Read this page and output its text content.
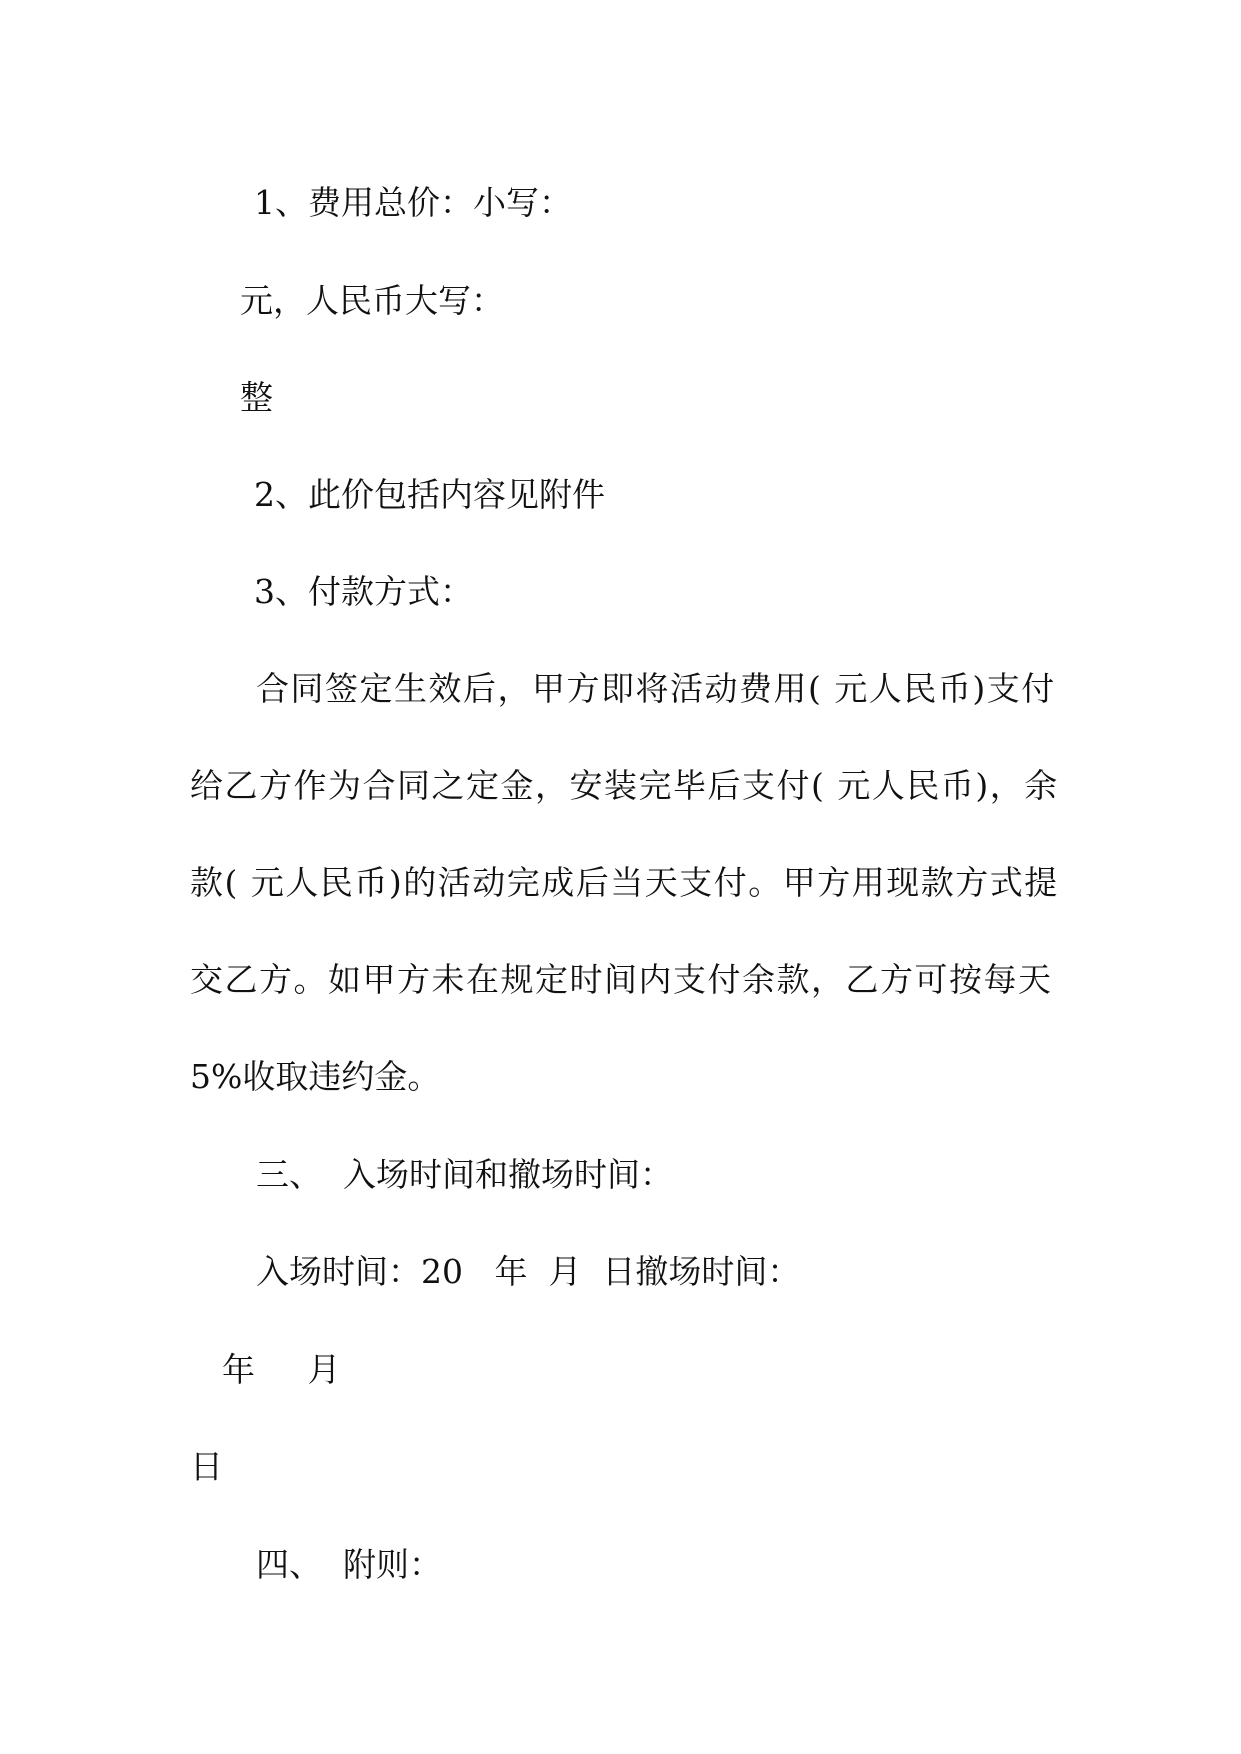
1、费用总价：小写：

元，人民币大写：

整

2、此价包括内容见附件

3、付款方式：

合同签定生效后，甲方即将活动费用( 元人民币)支付

给乙方作为合同之定金，安装完毕后支付( 元人民币)，余

款( 元人民币)的活动完成后当天支付。甲方用现款方式提

交乙方。如甲方未在规定时间内支付余款，乙方可按每天

5%收取违约金。

三、  入场时间和撤场时间：

入场时间：20   年  月  日撤场时间：

年     月

日

四、  附则：
